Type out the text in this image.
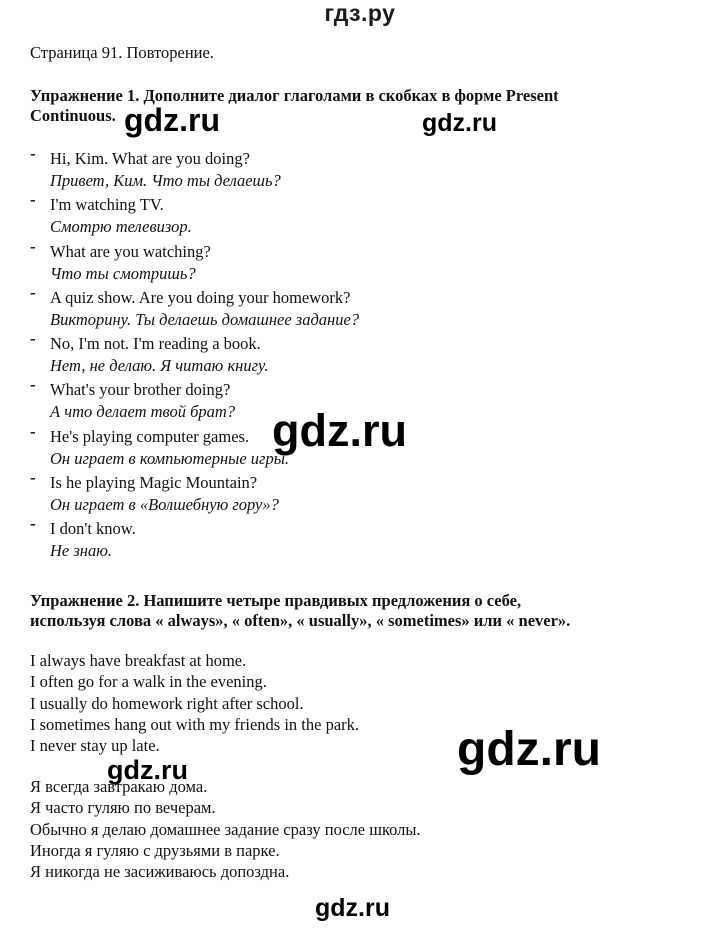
гдз.ру
Страница 91. Повторение.
Упражнение 1. Дополните диалог глаголами в скобках в форме Present
Continuous.
- Hi, Kim. What are you doing?
Привет, Ким. Что ты делаешь?
- I'm watching TV.
Смотрю телевизор.
- What are you watching?
Что ты смотришь?
- A quiz show. Are you doing your homework?
Викторину. Ты делаешь домашнее задание?
- No, I'm not. I'm reading a book.
Нет, не делаю. Я читаю книгу.
- What's your brother doing?
А что делает твой брат?
- He's playing computer games.
Он играет в компьютерные игры.
- Is he playing Magic Mountain?
Он играет в «Волшебную гору»?
- I don't know.
Не знаю.
Упражнение 2. Напишите четыре правдивых предложения о себе,
используя слова « always», « often», « usually», « sometimes» или « never».
I always have breakfast at home.
I often go for a walk in the evening.
I usually do homework right after school.
I sometimes hang out with my friends in the park.
I never stay up late.
Я всегда завтракаю дома.
Я часто гуляю по вечерам.
Обычно я делаю домашнее задание сразу после школы.
Иногда я гуляю с друзьями в парке.
Я никогда не засиживаюсь допоздна.
gdz.ru	gdz.ru
gdz.ru
gdz.ru
gdz.ru
gdz.ru
